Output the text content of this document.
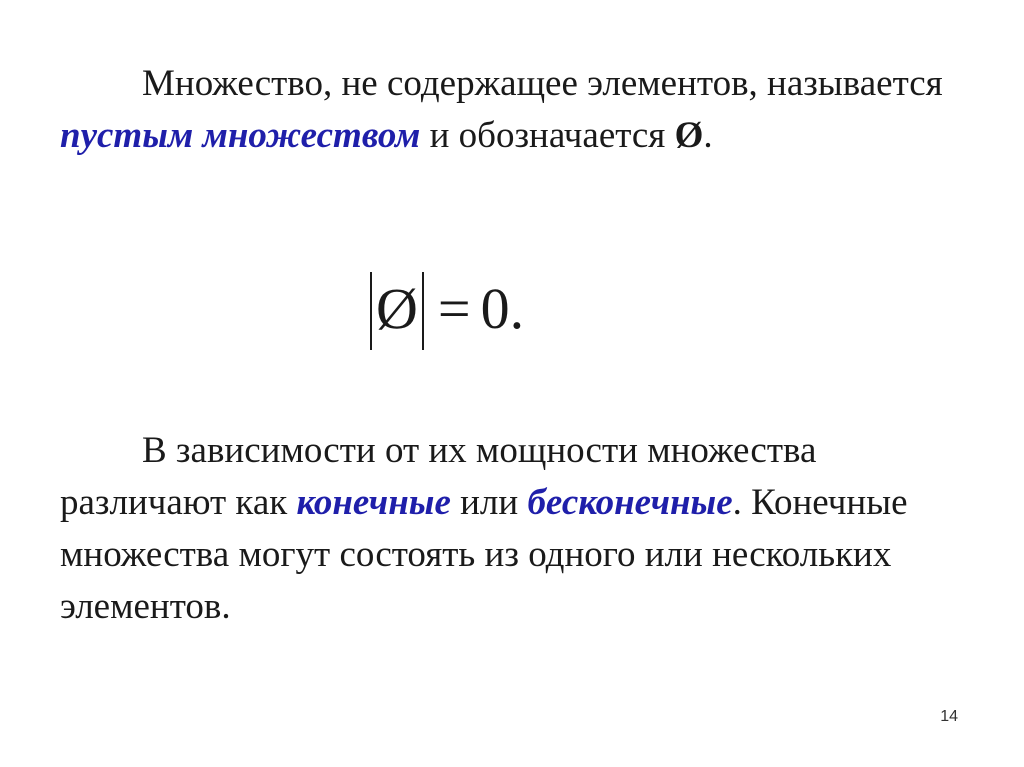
Множество, не содержащее элементов, называется пустым множеством и обозначается Ø.

Ø = 0.

В зависимости от их мощности множества различают как конечные или бесконечные. Конечные множества могут состоять из одного или нескольких элементов.

14
